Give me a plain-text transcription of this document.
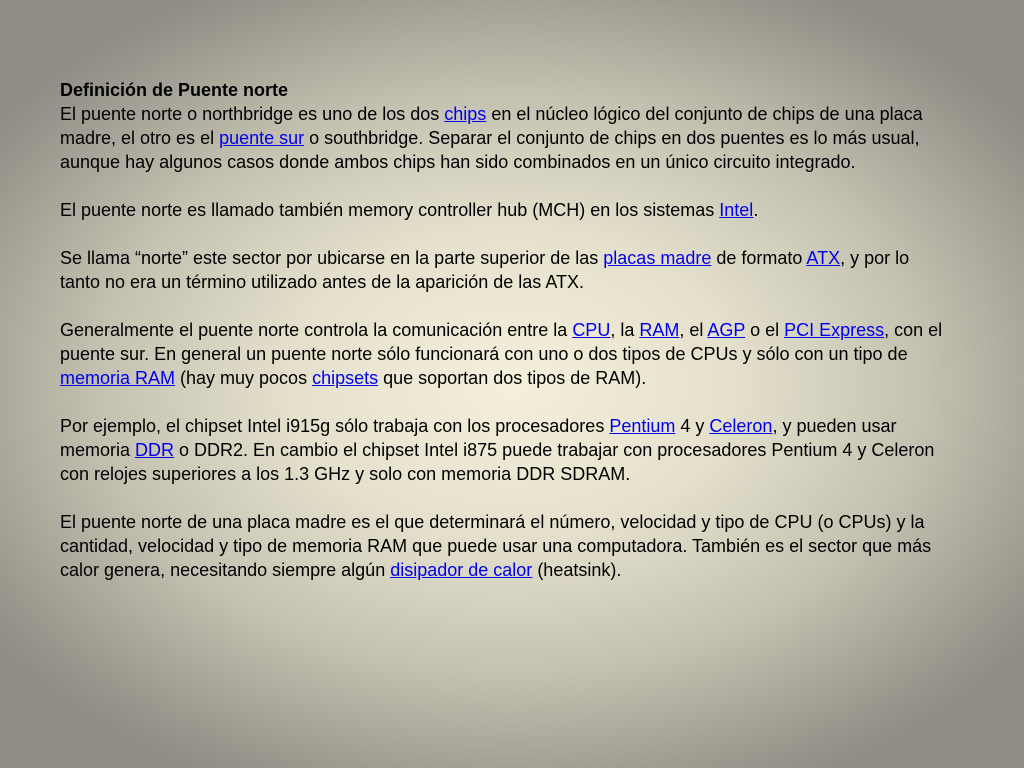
Definición de Puente norte

El puente norte o northbridge es uno de los dos chips en el núcleo lógico del conjunto de chips de una placa madre, el otro es el puente sur o southbridge. Separar el conjunto de chips en dos puentes es lo más usual, aunque hay algunos casos donde ambos chips han sido combinados en un único circuito integrado.

El puente norte es llamado también memory controller hub (MCH) en los sistemas Intel.

Se llama “norte” este sector por ubicarse en la parte superior de las placas madre de formato ATX, y por lo tanto no era un término utilizado antes de la aparición de las ATX.

Generalmente el puente norte controla la comunicación entre la CPU, la RAM, el AGP o el PCI Express, con el puente sur. En general un puente norte sólo funcionará con uno o dos tipos de CPUs y sólo con un tipo de memoria RAM (hay muy pocos chipsets que soportan dos tipos de RAM).

Por ejemplo, el chipset Intel i915g sólo trabaja con los procesadores Pentium 4 y Celeron, y pueden usar memoria DDR o DDR2. En cambio el chipset Intel i875 puede trabajar con procesadores Pentium 4 y Celeron con relojes superiores a los 1.3 GHz y solo con memoria DDR SDRAM.

El puente norte de una placa madre es el que determinará el número, velocidad y tipo de CPU (o CPUs) y la cantidad, velocidad y tipo de memoria RAM que puede usar una computadora. También es el sector que más calor genera, necesitando siempre algún disipador de calor (heatsink).
